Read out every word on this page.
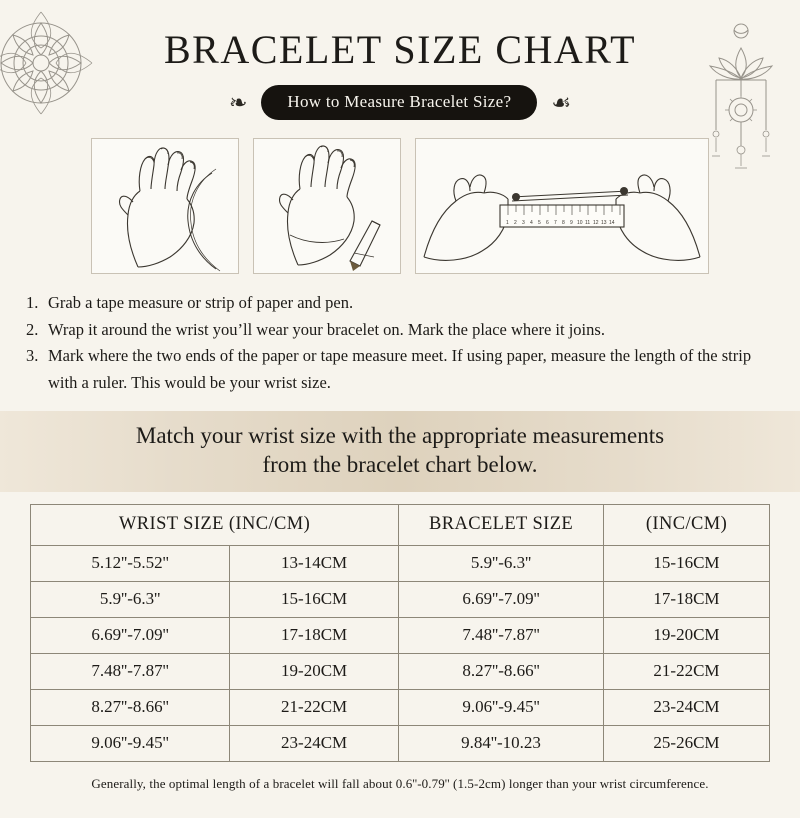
BRACELET SIZE CHART
❧	How to Measure Bracelet Size?	☙
1 2 3 4 5 6 7 8 9 10 11 12 13 14
1. Grab a tape measure or strip of paper and pen.
2. Wrap it around the wrist you’ll wear your bracelet on. Mark the place where it joins.
3. Mark where the two ends of the paper or tape measure meet. If using paper, measure the length of the strip with a ruler. This would be your wrist size.
Match your wrist size with the appropriate measurements
from the bracelet chart below.
WRIST SIZE (INC/CM)		BRACELET SIZE	(INC/CM)
5.12''-5.52''	13-14CM	5.9''-6.3''	15-16CM
5.9''-6.3''	15-16CM	6.69''-7.09''	17-18CM
6.69''-7.09''	17-18CM	7.48''-7.87''	19-20CM
7.48''-7.87''	19-20CM	8.27''-8.66''	21-22CM
8.27''-8.66''	21-22CM	9.06''-9.45''	23-24CM
9.06''-9.45''	23-24CM	9.84''-10.23	25-26CM
Generally, the optimal length of a bracelet will fall about 0.6''-0.79'' (1.5-2cm) longer than your wrist circumference.
